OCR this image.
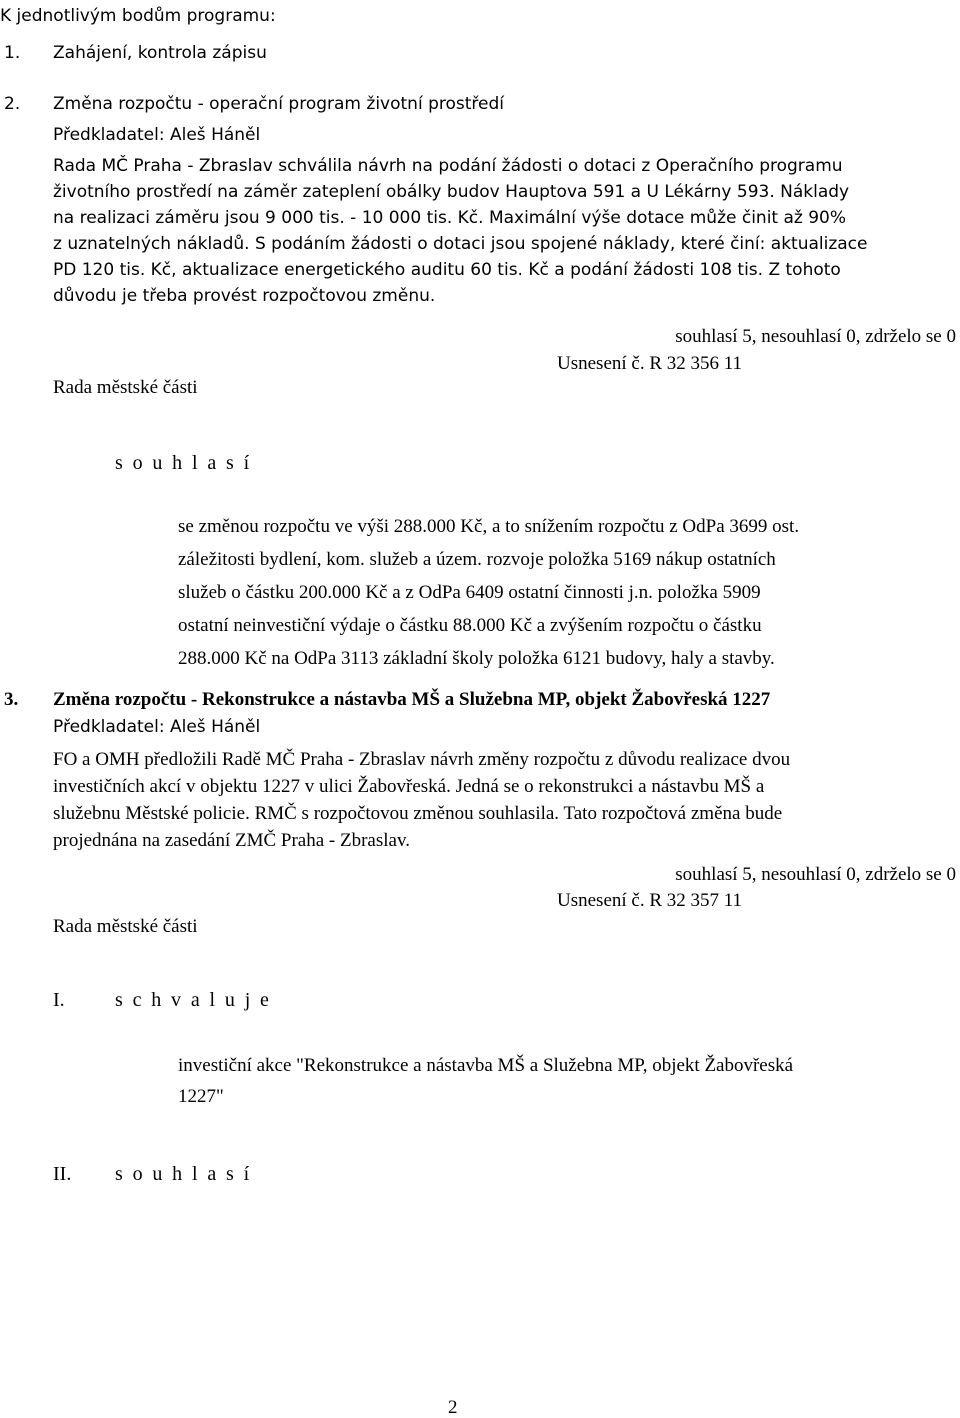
K jednotlivým bodům programu:
1. Zahájení, kontrola zápisu
2. Změna rozpočtu - operační program životní prostředí
Předkladatel: Aleš Háněl
Rada MČ Praha - Zbraslav schválila návrh na podání žádosti o dotaci z Operačního programu
životního prostředí na záměr zateplení obálky budov Hauptova 591 a U Lékárny 593. Náklady
na realizaci záměru jsou 9 000 tis. - 10 000 tis. Kč. Maximální výše dotace může činit až 90%
z uznatelných nákladů. S podáním žádosti o dotaci jsou spojené náklady, které činí: aktualizace
PD 120 tis. Kč, aktualizace energetického auditu 60 tis. Kč a podání žádosti 108 tis. Z tohoto
důvodu je třeba provést rozpočtovou změnu.
souhlasí 5, nesouhlasí 0, zdrželo se 0
Usnesení č. R 32 356 11
Rada městské části
s o u h l a s í
se změnou rozpočtu ve výši 288.000 Kč, a to snížením rozpočtu z OdPa 3699 ost.
záležitosti bydlení, kom. služeb a územ. rozvoje položka 5169 nákup ostatních
služeb o částku 200.000 Kč a z OdPa 6409 ostatní činnosti j.n. položka 5909
ostatní neinvestiční výdaje o částku 88.000 Kč a zvýšením rozpočtu o částku
288.000 Kč na OdPa 3113 základní školy položka 6121 budovy, haly a stavby.
3. Změna rozpočtu - Rekonstrukce a nástavba MŠ a Služebna MP, objekt Žabovřeská 1227
Předkladatel: Aleš Háněl
FO a OMH předložili Radě MČ Praha - Zbraslav návrh změny rozpočtu z důvodu realizace dvou
investičních akcí v objektu 1227 v ulici Žabovřeská. Jedná se o rekonstrukci a nástavbu MŠ a
služebnu Městské policie. RMČ s rozpočtovou změnou souhlasila. Tato rozpočtová změna bude
projednána na zasedání ZMČ Praha - Zbraslav.
souhlasí 5, nesouhlasí 0, zdrželo se 0
Usnesení č. R 32 357 11
Rada městské části
I.	s c h v a l u j e
investiční akce "Rekonstrukce a nástavba MŠ a Služebna MP, objekt Žabovřeská
1227"
II. s o u h l a s í
2
